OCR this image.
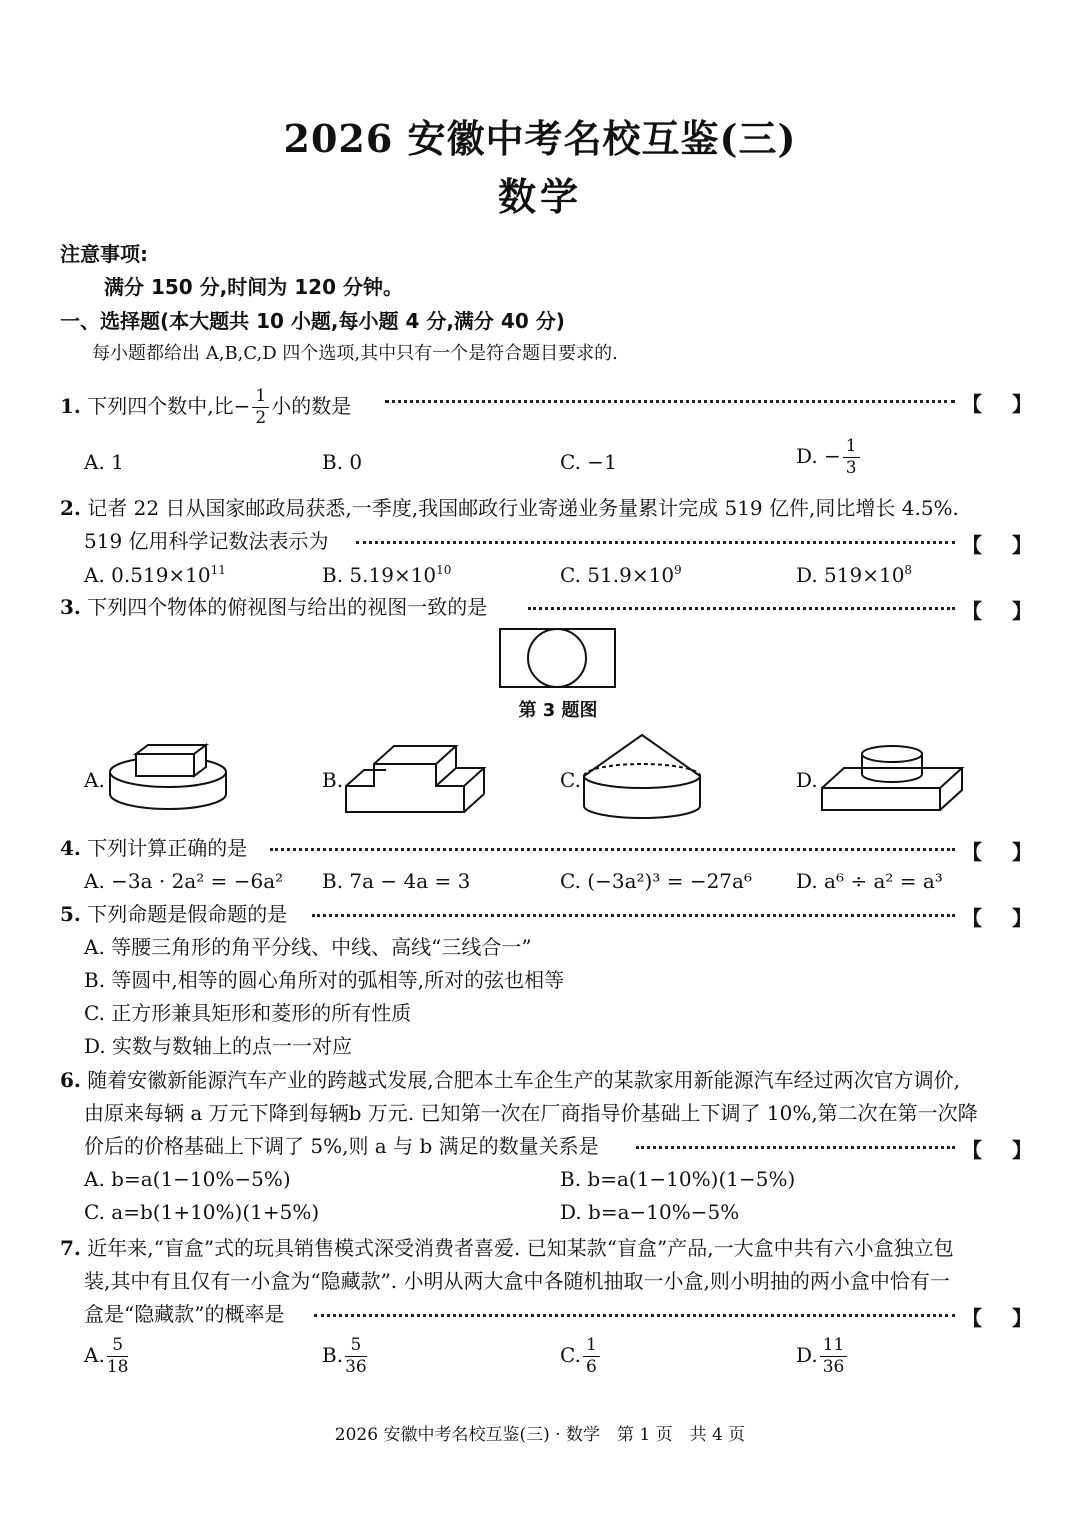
2026 安徽中考名校互鉴(三)
数学
注意事项:
满分 150 分,时间为 120 分钟。
一、选择题(本大题共 10 小题,每小题 4 分,满分 40 分)
每小题都给出 A,B,C,D 四个选项,其中只有一个是符合题目要求的.
1. 下列四个数中,比− $\frac{1}{2}$ 小的数是	【 】
A. 1	B. 0	C. −1	D. − $\frac{1}{3}$
2. 记者 22 日从国家邮政局获悉,一季度,我国邮政行业寄递业务量累计完成 519 亿件,同比增长 4.5%.
519 亿用科学记数法表示为	【 】
A. $0.519\times 10^{11}$	B. $5.19\times 10^{10}$	C. $51.9\times 10^9$	D. $519\times 10^8$
3. 下列四个物体的俯视图与给出的视图一致的是	【 】
第 3 题图
A.	B.	C.	D.
4. 下列计算正确的是	【 】
A. −3a · 2a² = −6a² B. 7a − 4a = 3	C. (−3a²)³ = −27a⁶ D. a⁶ ÷ a² = a³
5. 下列命题是假命题的是	【 】
A. 等腰三角形的角平分线、中线、高线“三线合一”
B. 等圆中,相等的圆心角所对的弧相等,所对的弦也相等
C. 正方形兼具矩形和菱形的所有性质
D. 实数与数轴上的点一一对应
6. 随着安徽新能源汽车产业的跨越式发展,合肥本土车企生产的某款家用新能源汽车经过两次官方调价,
由原来每辆 a 万元下降到每辆b 万元. 已知第一次在厂商指导价基础上下调了 10%,第二次在第一次降
价后的价格基础上下调了 5%,则 a 与 b 满足的数量关系是	【 】
A. b=a(1−10%−5%)	B. b=a(1−10%)(1−5%)
C. a=b(1+10%)(1+5%)	D. b=a−10%−5%
7. 近年来,“盲盒”式的玩具销售模式深受消费者喜爱. 已知某款“盲盒”产品,一大盒中共有六小盒独立包
装,其中有且仅有一小盒为“隐藏款”. 小明从两大盒中各随机抽取一小盒,则小明抽的两小盒中恰有一
盒是“隐藏款”的概率是	【 】
A. $\frac{5}{18}$	B. $\frac{5}{36}$	C. $\frac{1}{6}$	D. $\frac{11}{36}$
2026 安徽中考名校互鉴(三) · 数学　第 1 页　共 4 页
